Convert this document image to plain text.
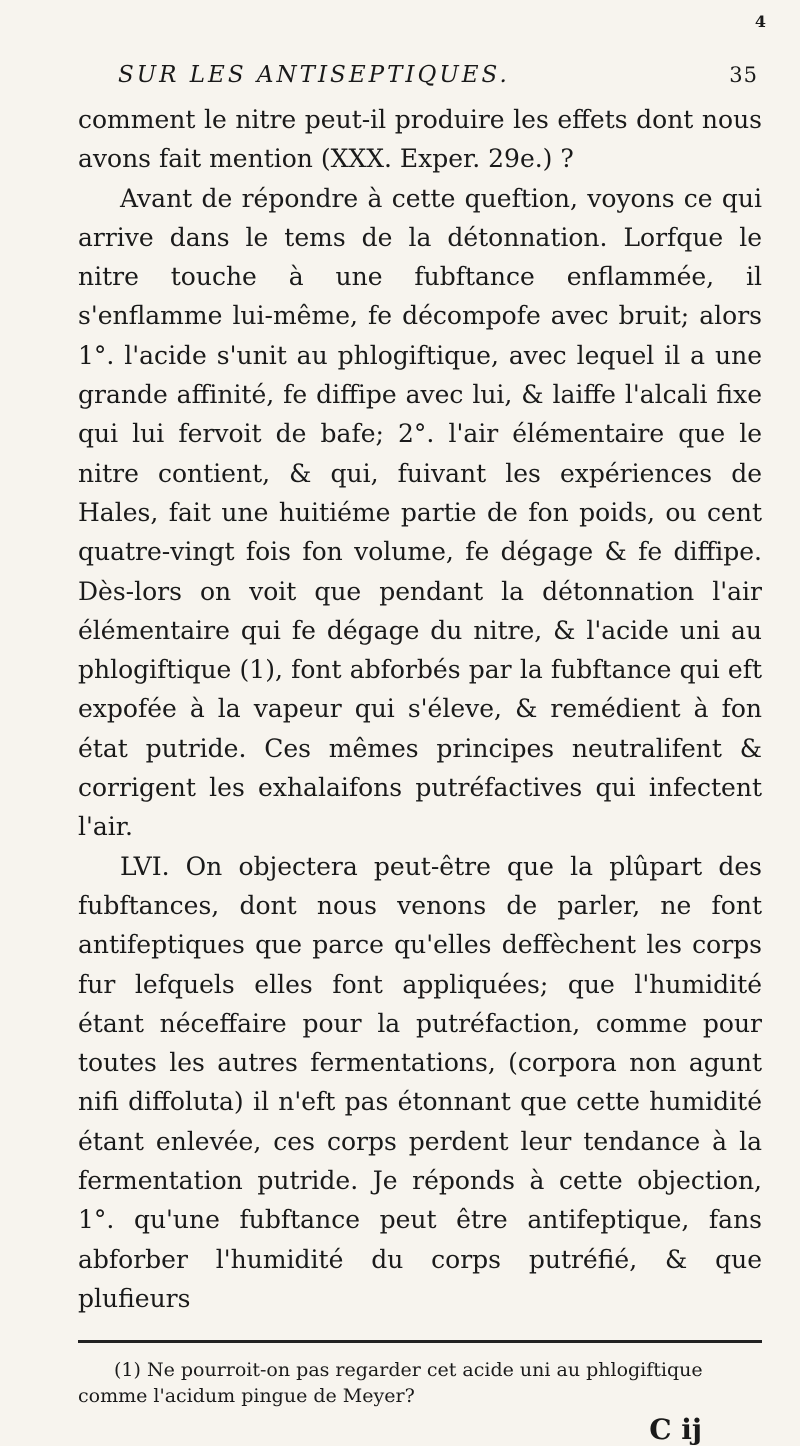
4
SUR LES ANTISEPTIQUES.	35

comment le nitre peut-il produire les effets dont nous avons fait mention (XXX. Exper. 29e.) ?

Avant de répondre à cette queftion, voyons ce qui arrive dans le tems de la détonnation. Lorfque le nitre touche à une fubftance enflammée, il s'enflamme lui-même, fe décompofe avec bruit; alors 1°. l'acide s'unit au phlogiftique, avec lequel il a une grande affinité, fe diffipe avec lui, & laiffe l'alcali fixe qui lui fervoit de bafe; 2°. l'air élémentaire que le nitre contient, & qui, fuivant les expériences de Hales, fait une huitiéme partie de fon poids, ou cent quatre-vingt fois fon volume, fe dégage & fe diffipe. Dès-lors on voit que pendant la détonnation l'air élémentaire qui fe dégage du nitre, & l'acide uni au phlogiftique (1), font abforbés par la fubftance qui eft expofée à la vapeur qui s'éleve, & remédient à fon état putride. Ces mêmes principes neutralifent & corrigent les exhalaifons putréfactives qui infectent l'air.

LVI. On objectera peut-être que la plûpart des fubftances, dont nous venons de parler, ne font antifeptiques que parce qu'elles deffèchent les corps fur lefquels elles font appliquées; que l'humidité étant néceffaire pour la putréfaction, comme pour toutes les autres fermentations, (corpora non agunt nifi diffoluta) il n'eft pas étonnant que cette humidité étant enlevée, ces corps perdent leur tendance à la fermentation putride. Je réponds à cette objection, 1°. qu'une fubftance peut être antifeptique, fans abforber l'humidité du corps putréfié, & que plufieurs

(1) Ne pourroit-on pas regarder cet acide uni au phlogiftique comme l'acidum pingue de Meyer?

C ij
